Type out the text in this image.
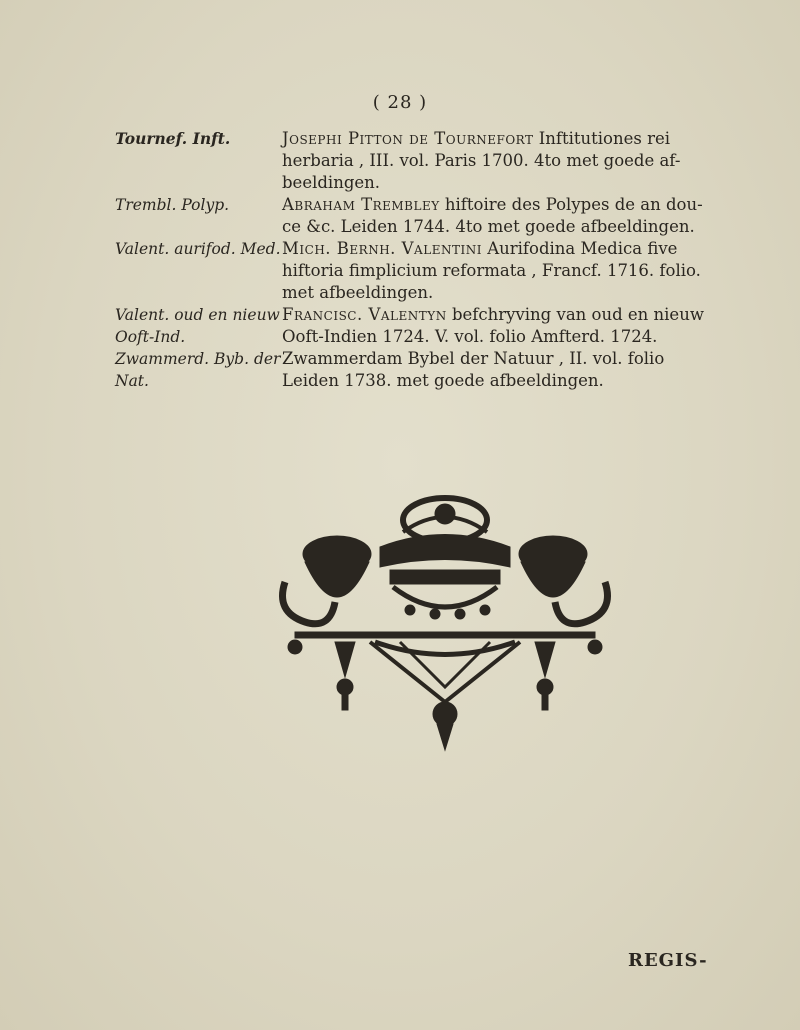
( 28 )
Tournef. Inft.	Josephi Pitton de Tournefort Inftitutiones rei
herbaria , III. vol. Paris 1700. 4to met goede af-
beeldingen.
Trembl. Polyp.	Abraham Trembley hiftoire des Polypes de an dou-
ce &c. Leiden 1744. 4to met goede afbeeldingen.
Valent. aurifod. Med. Mich. Bernh. Valentini Aurifodina Medica five
hiftoria fimplicium reformata , Francf. 1716. folio.
met afbeeldingen.
Valent. oud en nieuw
Ooft-Ind.
Francisc. Valentyn befchryving van oud en nieuw
Ooft-Indien 1724. V. vol. folio Amfterd. 1724.
Zwammerd. Byb. der
Nat.
Zwammerdam Bybel der Natuur , II. vol. folio
Leiden 1738. met goede afbeeldingen.
REGIS-
